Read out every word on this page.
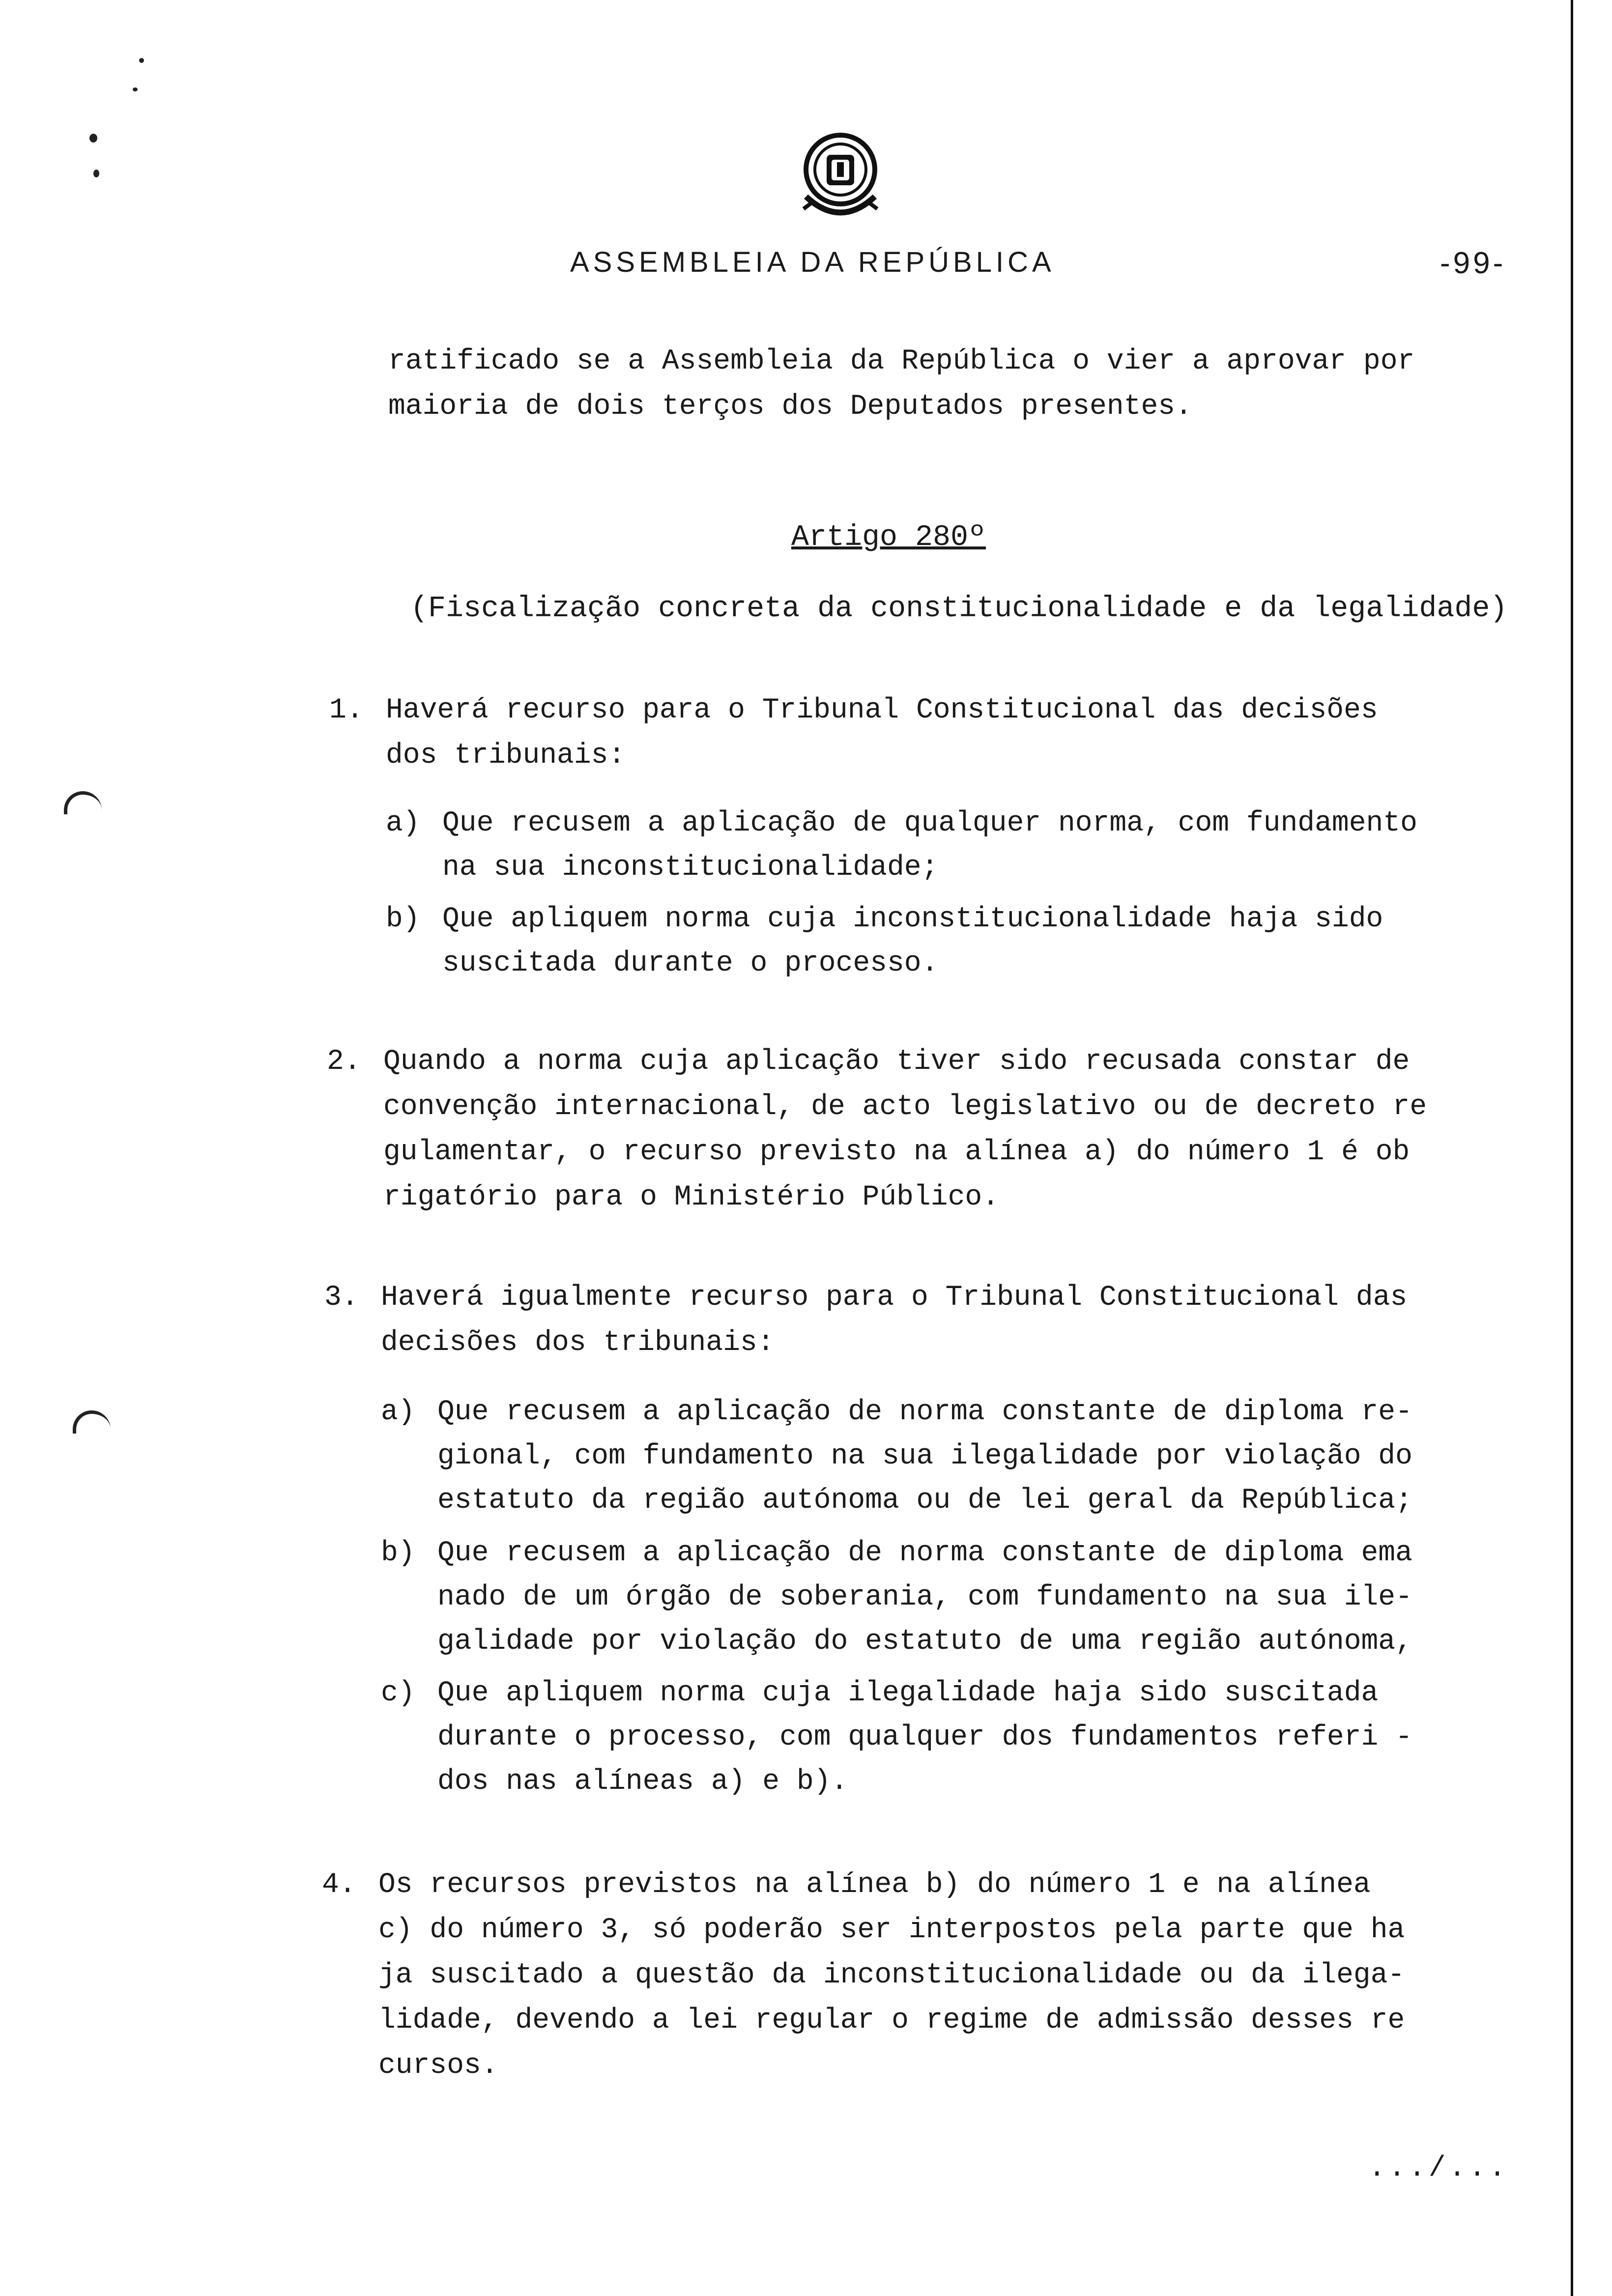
ASSEMBLEIA DA REPÚBLICA	-99-
ratificado se a Assembleia da República o vier a aprovar por
maioria de dois terços dos Deputados presentes.
Artigo 280º
(Fiscalização concreta da constitucionalidade e da legalidade)
1. Haverá recurso para o Tribunal Constitucional das decisões
dos tribunais:
a) Que recusem a aplicação de qualquer norma, com fundamento
na sua inconstitucionalidade;
b) Que apliquem norma cuja inconstitucionalidade haja sido
suscitada durante o processo.
2. Quando a norma cuja aplicação tiver sido recusada constar de
convenção internacional, de acto legislativo ou de decreto re
gulamentar, o recurso previsto na alínea a) do número 1 é ob
rigatório para o Ministério Público.
3. Haverá igualmente recurso para o Tribunal Constitucional das
decisões dos tribunais:
a) Que recusem a aplicação de norma constante de diploma re-
gional, com fundamento na sua ilegalidade por violação do
estatuto da região autónoma ou de lei geral da República;
b) Que recusem a aplicação de norma constante de diploma ema
nado de um órgão de soberania, com fundamento na sua ile-
galidade por violação do estatuto de uma região autónoma,
c) Que apliquem norma cuja ilegalidade haja sido suscitada
durante o processo, com qualquer dos fundamentos referi -
dos nas alíneas a) e b).
4. Os recursos previstos na alínea b) do número 1 e na alínea
c) do número 3, só poderão ser interpostos pela parte que ha
ja suscitado a questão da inconstitucionalidade ou da ilega-
lidade, devendo a lei regular o regime de admissão desses re
cursos.
.../...
